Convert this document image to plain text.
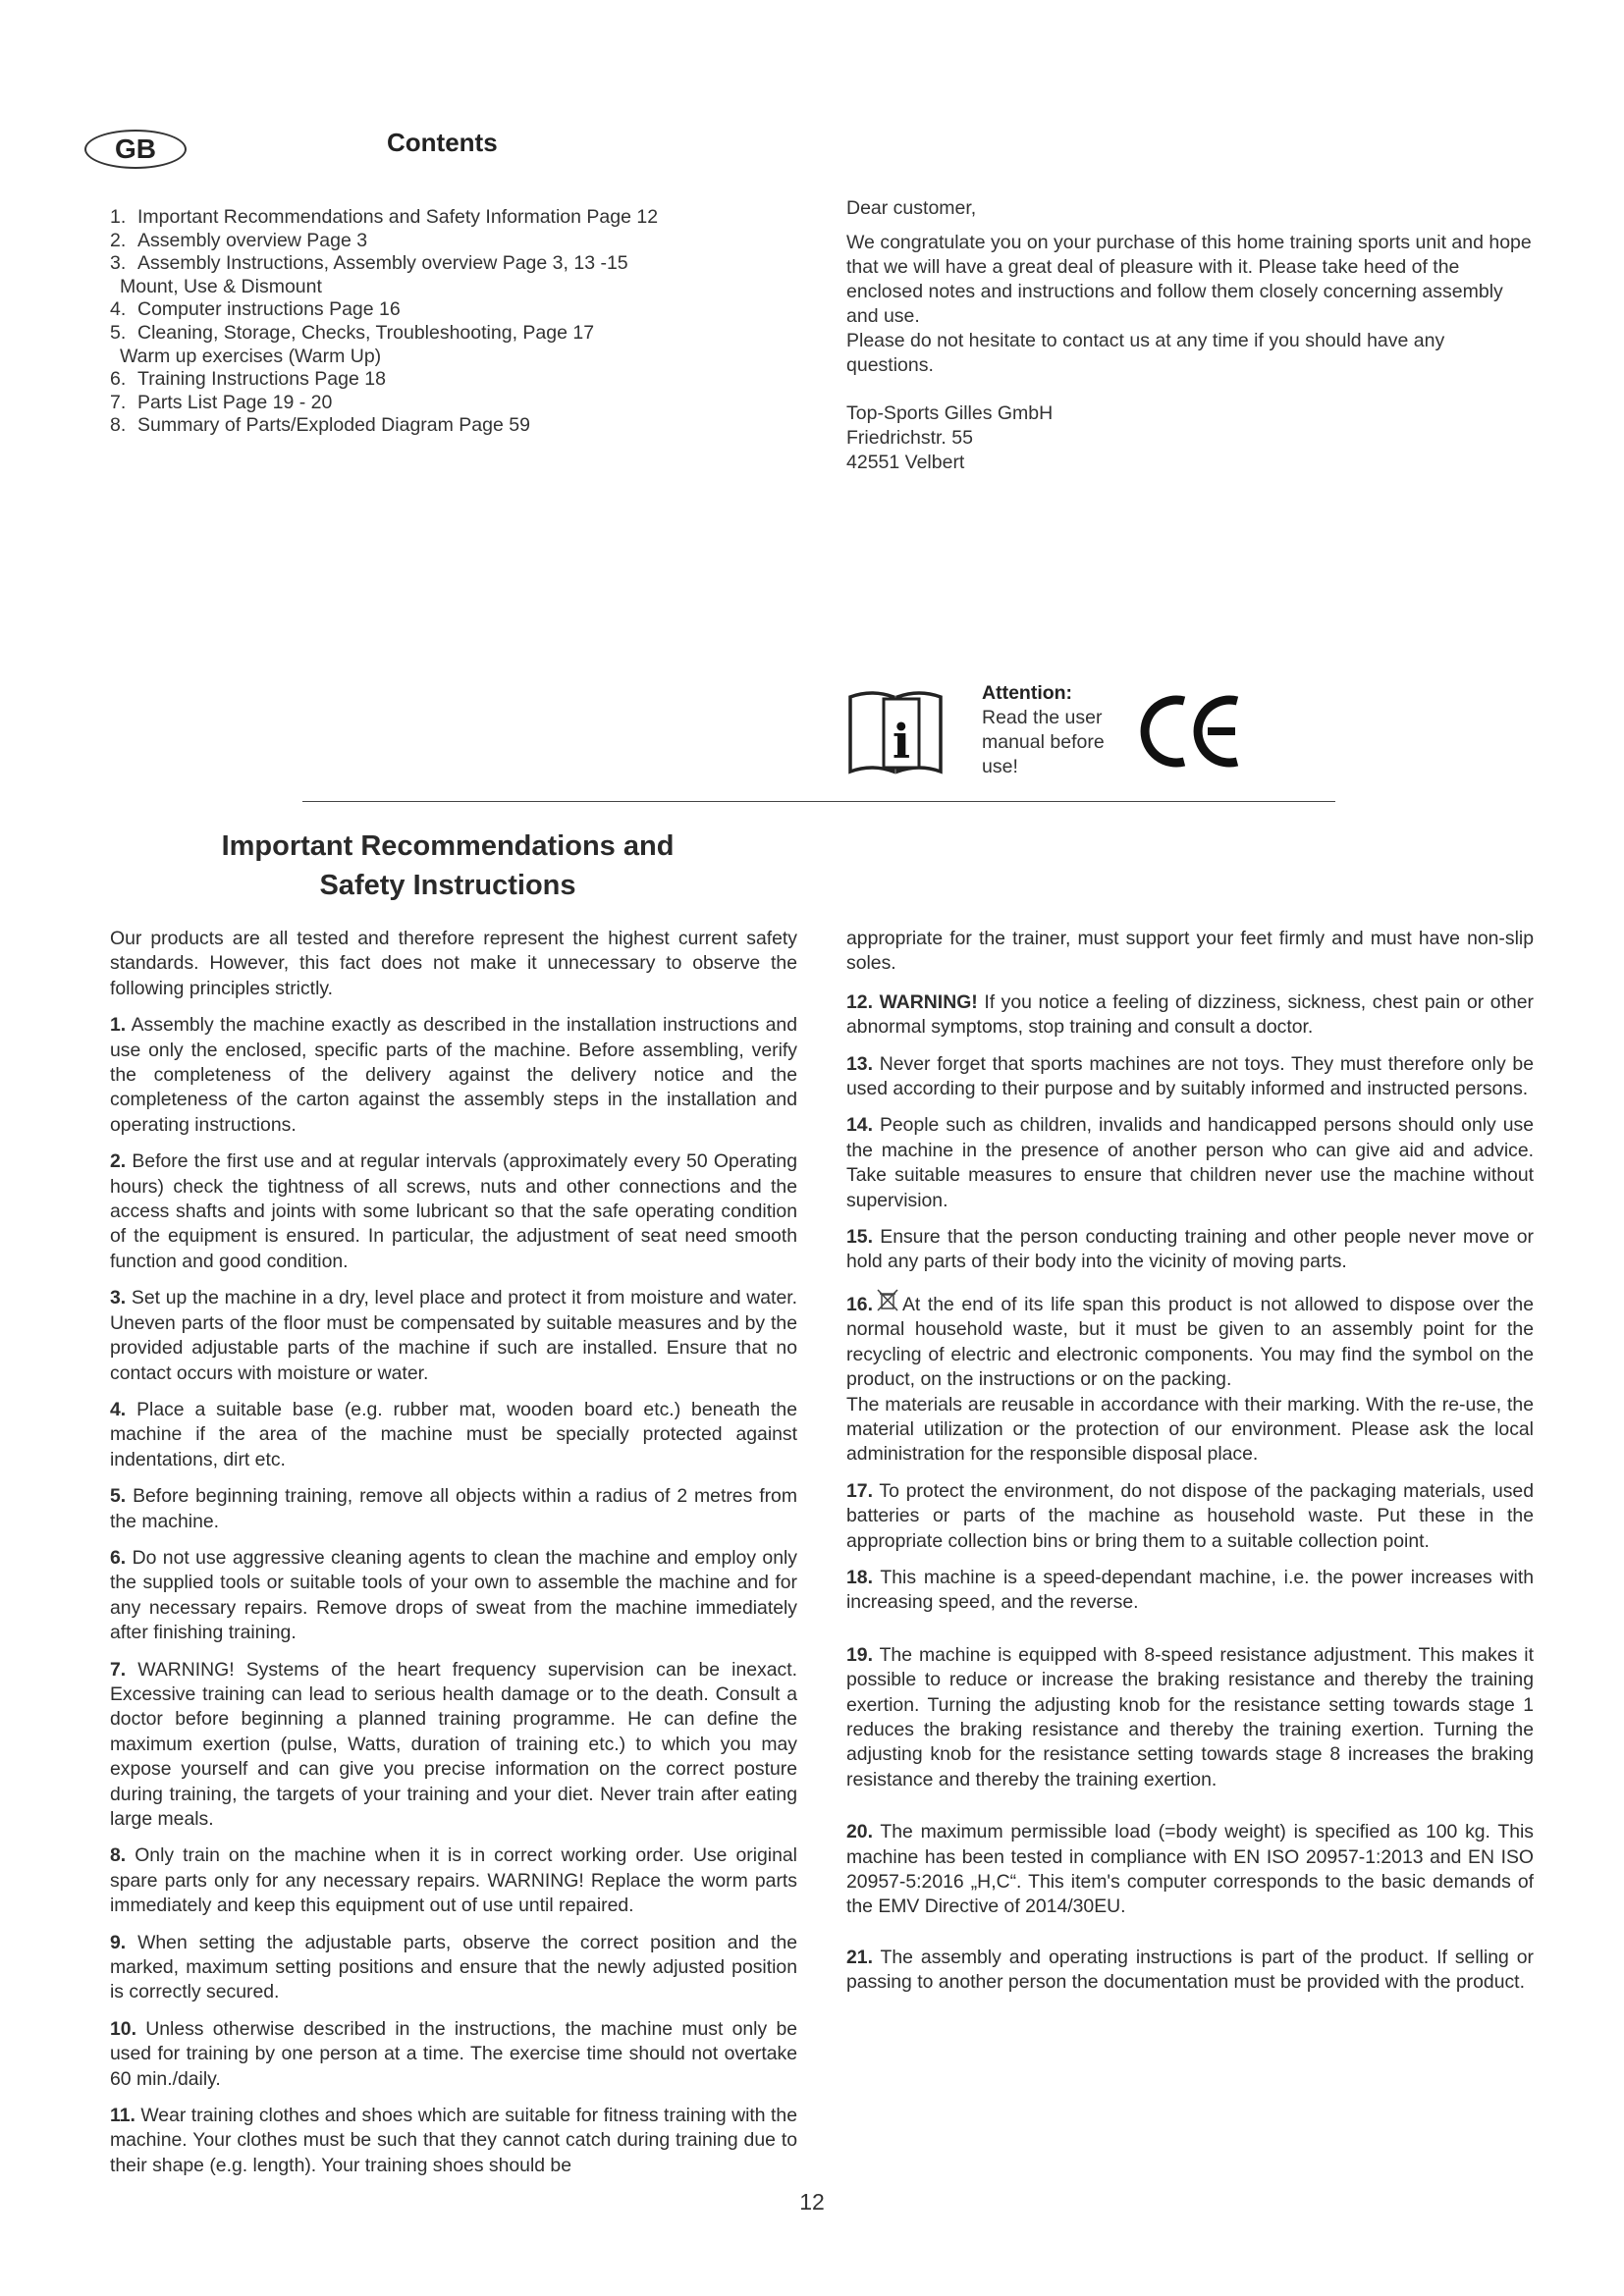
GB	Contents
1. Important Recommendations and Safety Information Page 12
2. Assembly overview Page 3
3. Assembly Instructions, Assembly overview Page 3, 13 -15
Mount, Use & Dismount
4. Computer instructions Page 16
5. Cleaning, Storage, Checks, Troubleshooting, Page 17
Warm up exercises (Warm Up)
6. Training Instructions Page 18
7. Parts List Page 19 - 20
8. Summary of Parts/Exploded Diagram Page 59

Dear customer,

We congratulate you on your purchase of this home training sports unit and hope that we will have a great deal of pleasure with it. Please take heed of the enclosed notes and instructions and follow them closely concerning assembly and use.

Please do not hesitate to contact us at any time if you should have any questions.

Top-Sports Gilles GmbH
Friedrichstr. 55
42551 Velbert
i
Attention:
Read the user
manual before
use!
Important Recommendations and
Safety Instructions

Our products are all tested and therefore represent the highest current safety standards. However, this fact does not make it unnecessary to observe the following principles strictly.

1. Assembly the machine exactly as described in the installation instructions and use only the enclosed, specific parts of the machine. Before assembling, verify the completeness of the delivery against the delivery notice and the completeness of the carton against the assembly steps in the installation and operating instructions.

2. Before the first use and at regular intervals (approximately every 50 Operating hours) check the tightness of all screws, nuts and other connections and the access shafts and joints with some lubricant so that the safe operating condition of the equipment is ensured. In particular, the adjustment of seat need smooth function and good condition.

3. Set up the machine in a dry, level place and protect it from moisture and water. Uneven parts of the floor must be compensated by suitable measures and by the provided adjustable parts of the machine if such are installed. Ensure that no contact occurs with moisture or water.

4. Place a suitable base (e.g. rubber mat, wooden board etc.) beneath the machine if the area of the machine must be specially protected against indentations, dirt etc.

5. Before beginning training, remove all objects within a radius of 2 metres from the machine.

6. Do not use aggressive cleaning agents to clean the machine and employ only the supplied tools or suitable tools of your own to assemble the machine and for any necessary repairs. Remove drops of sweat from the machine immediately after finishing training.

7. WARNING! Systems of the heart frequency supervision can be inexact. Excessive training can lead to serious health damage or to the death. Consult a doctor before beginning a planned training programme. He can define the maximum exertion (pulse, Watts, duration of training etc.) to which you may expose yourself and can give you precise information on the correct posture during training, the targets of your training and your diet. Never train after eating large meals.

8. Only train on the machine when it is in correct working order. Use original spare parts only for any necessary repairs. WARNING! Replace the worm parts immediately and keep this equipment out of use until repaired.

9. When setting the adjustable parts, observe the correct position and the marked, maximum setting positions and ensure that the newly adjusted position is correctly secured.

10. Unless otherwise described in the instructions, the machine must only be used for training by one person at a time. The exercise time should not overtake 60 min./daily.

11. Wear training clothes and shoes which are suitable for fitness training with the machine. Your clothes must be such that they cannot catch during training due to their shape (e.g. length). Your training shoes should be

appropriate for the trainer, must support your feet firmly and must have non-slip soles.

12. WARNING! If you notice a feeling of dizziness, sickness, chest pain or other abnormal symptoms, stop training and consult a doctor.

13. Never forget that sports machines are not toys. They must therefore only be used according to their purpose and by suitably informed and instructed persons.

14. People such as children, invalids and handicapped persons should only use the machine in the presence of another person who can give aid and advice. Take suitable measures to ensure that children never use the machine without supervision.

15. Ensure that the person conducting training and other people never move or hold any parts of their body into the vicinity of moving parts.

16. At the end of its life span this product is not allowed to dispose over the normal household waste, but it must be given to an assembly point for the recycling of electric and electronic components. You may find the symbol on the product, on the instructions or on the packing.

The materials are reusable in accordance with their marking. With the re-use, the material utilization or the protection of our environment. Please ask the local administration for the responsible disposal place.

17. To protect the environment, do not dispose of the packaging materials, used batteries or parts of the machine as household waste. Put these in the appropriate collection bins or bring them to a suitable collection point.

18. This machine is a speed-dependant machine, i.e. the power increases with increasing speed, and the reverse.

19. The machine is equipped with 8-speed resistance adjustment. This makes it possible to reduce or increase the braking resistance and thereby the training exertion. Turning the adjusting knob for the resistance setting towards stage 1 reduces the braking resistance and thereby the training exertion. Turning the adjusting knob for the resistance setting towards stage 8 increases the braking resistance and thereby the training exertion.

20. The maximum permissible load (=body weight) is specified as 100 kg. This machine has been tested in compliance with EN ISO 20957-1:2013 and EN ISO 20957-5:2016 „H,C“. This item's computer corresponds to the basic demands of the EMV Directive of 2014/30EU.

21. The assembly and operating instructions is part of the product. If selling or passing to another person the documentation must be provided with the product.

12
